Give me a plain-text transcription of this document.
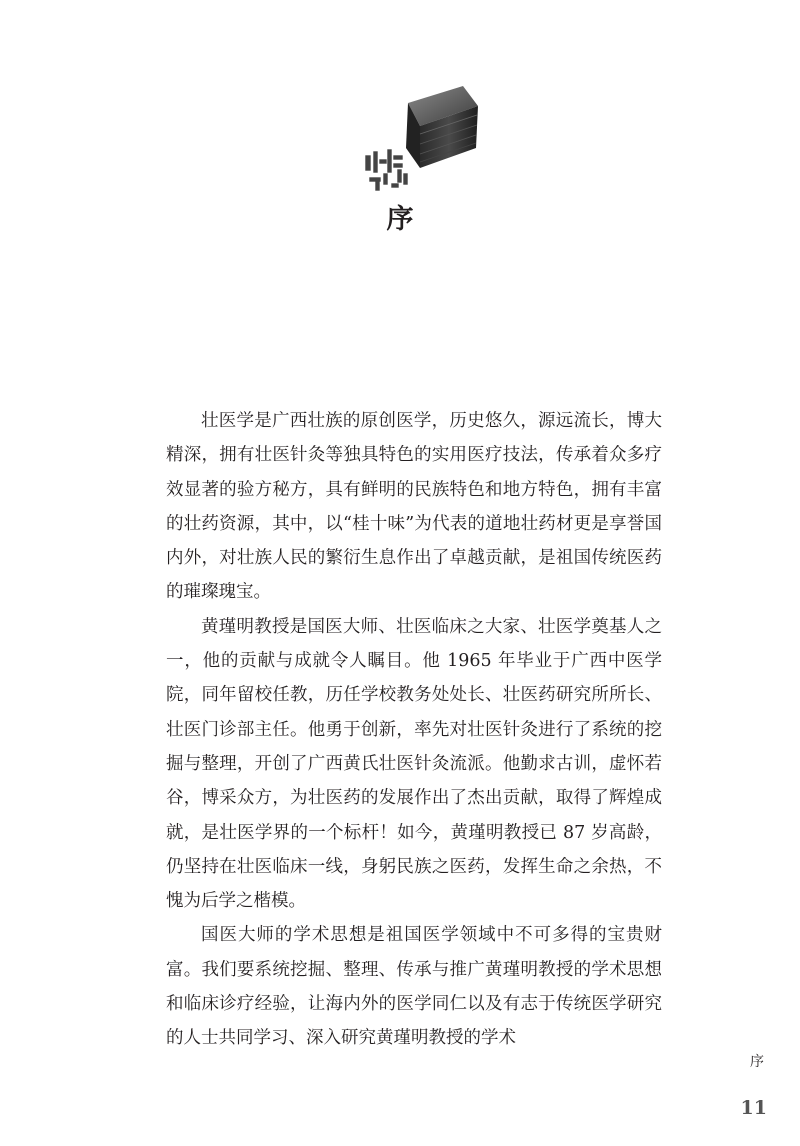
序

壮医学是广西壮族的原创医学，历史悠久，源远流长，博大精深，拥有壮医针灸等独具特色的实用医疗技法，传承着众多疗效显著的验方秘方，具有鲜明的民族特色和地方特色，拥有丰富的壮药资源，其中，以“桂十味”为代表的道地壮药材更是享誉国内外，对壮族人民的繁衍生息作出了卓越贡献，是祖国传统医药的璀璨瑰宝。

黄瑾明教授是国医大师、壮医临床之大家、壮医学奠基人之一，他的贡献与成就令人瞩目。他 1965 年毕业于广西中医学院，同年留校任教，历任学校教务处处长、壮医药研究所所长、壮医门诊部主任。他勇于创新，率先对壮医针灸进行了系统的挖掘与整理，开创了广西黄氏壮医针灸流派。他勤求古训，虚怀若谷，博采众方，为壮医药的发展作出了杰出贡献，取得了辉煌成就，是壮医学界的一个标杆！如今，黄瑾明教授已 87 岁高龄，仍坚持在壮医临床一线，身躬民族之医药，发挥生命之余热，不愧为后学之楷模。

国医大师的学术思想是祖国医学领域中不可多得的宝贵财富。我们要系统挖掘、整理、传承与推广黄瑾明教授的学术思想和临床诊疗经验，让海内外的医学同仁以及有志于传统医学研究的人士共同学习、深入研究黄瑾明教授的学术

序
11
